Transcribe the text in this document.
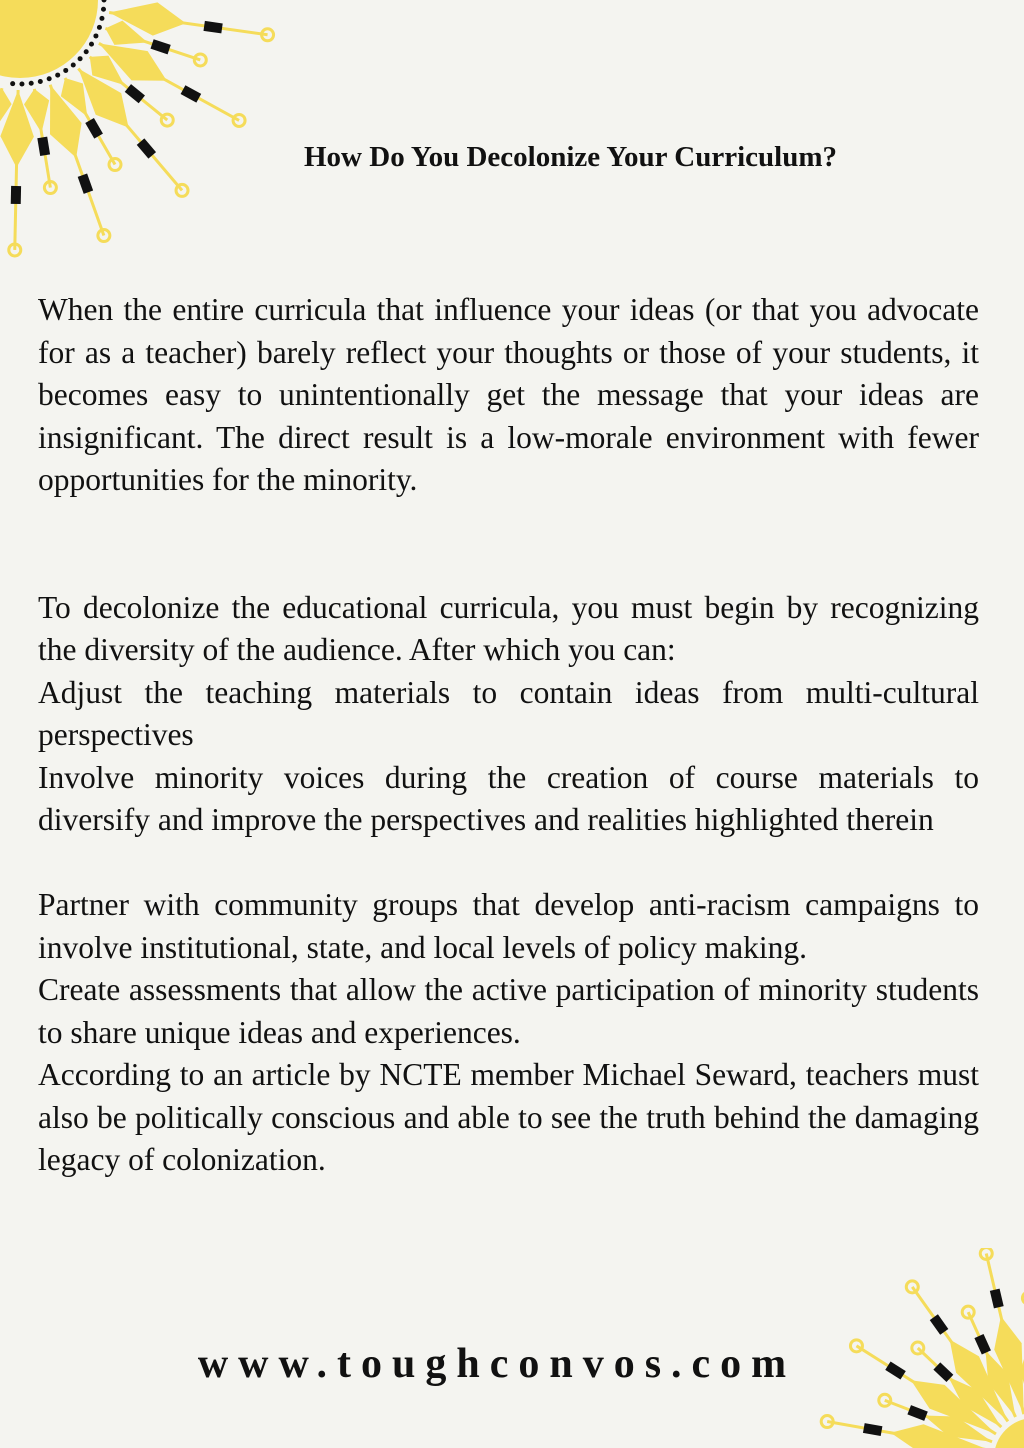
How Do You Decolonize Your Curriculum?

When the entire curricula that influence your ideas (or that you advocate for as a teacher) barely reflect your thoughts or those of your students, it becomes easy to unintentionally get the message that your ideas are insignificant. The direct result is a low-morale environment with fewer opportunities for the minority.

To decolonize the educational curricula, you must begin by recognizing the diversity of the audience. After which you can:

Adjust the teaching materials to contain ideas from multi-cultural perspectives

Involve minority voices during the creation of course materials to diversify and improve the perspectives and realities highlighted therein

Partner with community groups that develop anti-racism campaigns to involve institutional, state, and local levels of policy making.

Create assessments that allow the active participation of minority students to share unique ideas and experiences.

According to an article by NCTE member Michael Seward, teachers must also be politically conscious and able to see the truth behind the damaging legacy of colonization.

www.toughconvos.com
